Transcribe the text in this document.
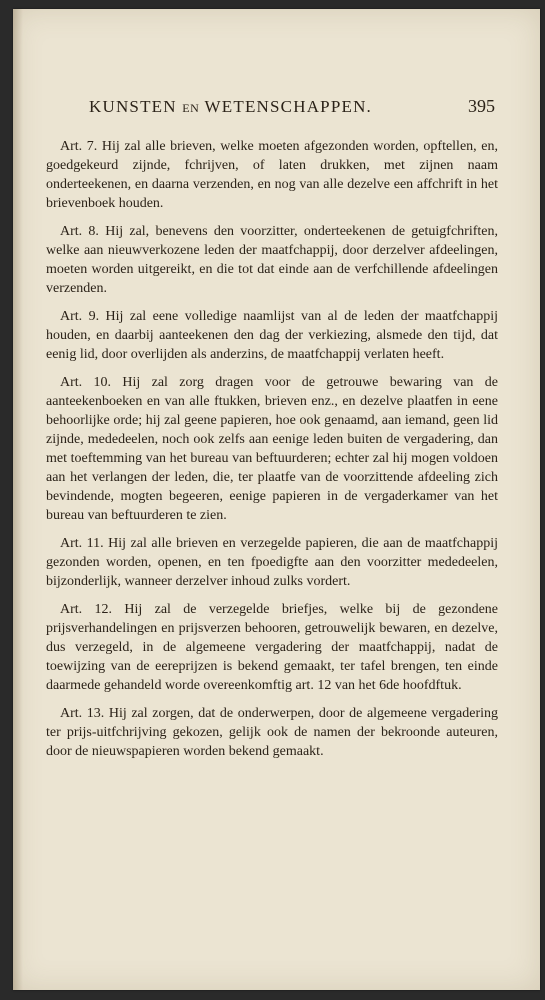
KUNSTEN EN WETENSCHAPPEN.	395

Art. 7. Hij zal alle brieven, welke moeten afgezonden worden, opftellen, en, goedgekeurd zijnde, fchrijven, of laten drukken, met zijnen naam onderteekenen, en daarna verzenden, en nog van alle dezelve een affchrift in het brievenboek houden.

Art. 8. Hij zal, benevens den voorzitter, onderteekenen de getuigfchriften, welke aan nieuwverkozene leden der maatfchappij, door derzelver afdeelingen, moeten worden uitgereikt, en die tot dat einde aan de verfchillende afdeelingen verzenden.

Art. 9. Hij zal eene volledige naamlijst van al de leden der maatfchappij houden, en daarbij aanteekenen den dag der verkiezing, alsmede den tijd, dat eenig lid, door overlijden als anderzins, de maatfchappij verlaten heeft.

Art. 10. Hij zal zorg dragen voor de getrouwe bewaring van de aanteekenboeken en van alle ftukken, brieven enz., en dezelve plaatfen in eene behoorlijke orde; hij zal geene papieren, hoe ook genaamd, aan iemand, geen lid zijnde, mededeelen, noch ook zelfs aan eenige leden buiten de vergadering, dan met toeftemming van het bureau van beftuurderen; echter zal hij mogen voldoen aan het verlangen der leden, die, ter plaatfe van de voorzittende afdeeling zich bevindende, mogten begeeren, eenige papieren in de vergaderkamer van het bureau van beftuurderen te zien.

Art. 11. Hij zal alle brieven en verzegelde papieren, die aan de maatfchappij gezonden worden, openen, en ten fpoedigfte aan den voorzitter mededeelen, bijzonderlijk, wanneer derzelver inhoud zulks vordert.

Art. 12. Hij zal de verzegelde briefjes, welke bij de gezondene prijsverhandelingen en prijsverzen behooren, getrouwelijk bewaren, en dezelve, dus verzegeld, in de algemeene vergadering der maatfchappij, nadat de toewijzing van de eereprijzen is bekend gemaakt, ter tafel brengen, ten einde daarmede gehandeld worde overeenkomftig art. 12 van het 6de hoofdftuk.

Art. 13. Hij zal zorgen, dat de onderwerpen, door de algemeene vergadering ter prijs-uitfchrijving gekozen, gelijk ook de namen der bekroonde auteuren, door de nieuwspapieren worden bekend gemaakt.
